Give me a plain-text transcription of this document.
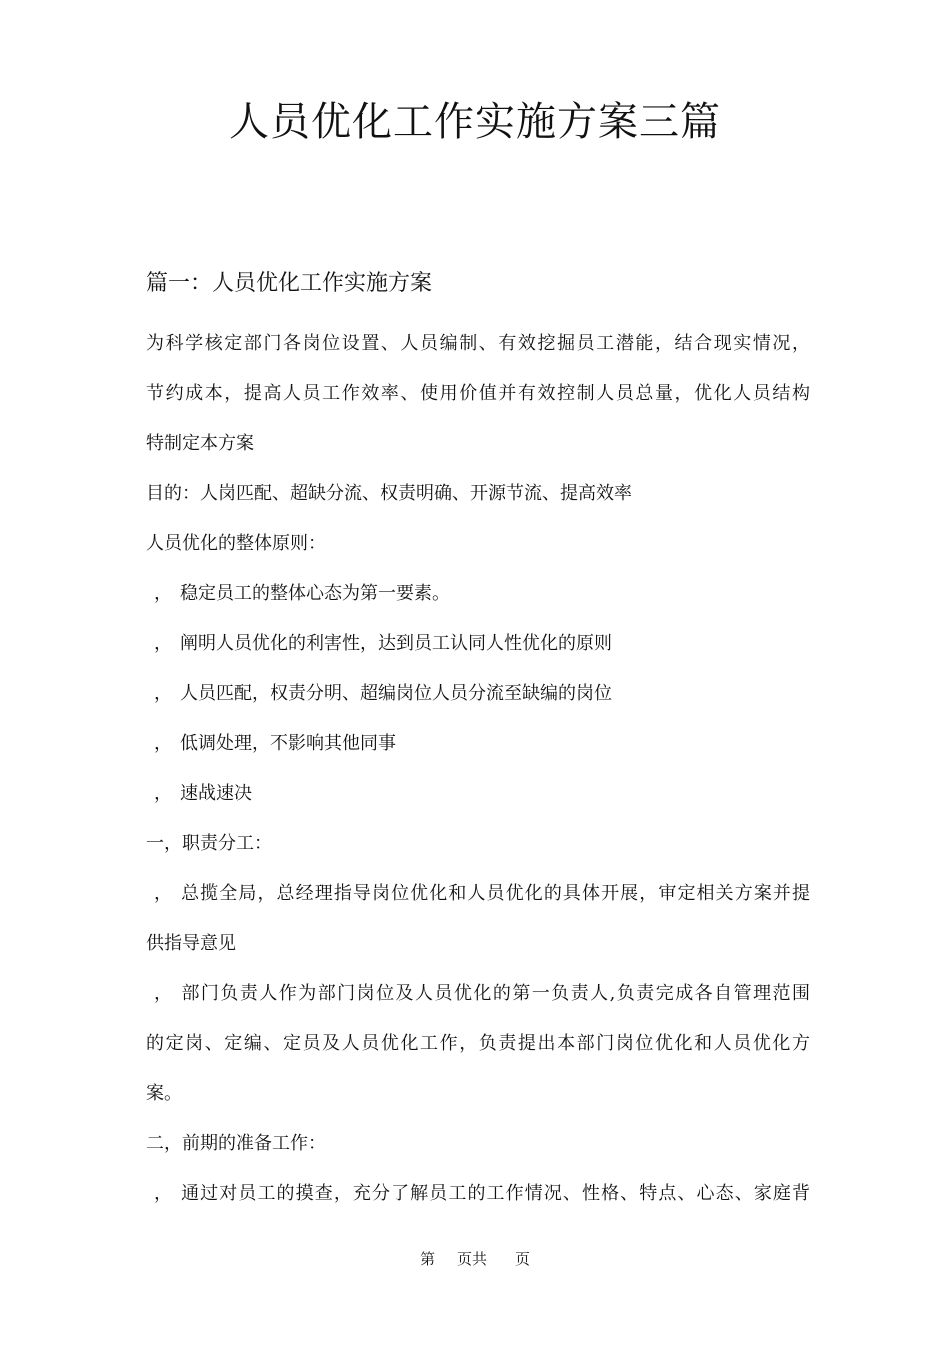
人员优化工作实施方案三篇
篇一：人员优化工作实施方案
为科学核定部门各岗位设置、人员编制、有效挖掘员工潜能，结合现实情况，
节约成本，提高人员工作效率、使用价值并有效控制人员总量，优化人员结构
特制定本方案
目的：人岗匹配、超缺分流、权责明确、开源节流、提高效率
人员优化的整体原则：
， 稳定员工的整体心态为第一要素。
， 阐明人员优化的利害性，达到员工认同人性优化的原则
， 人员匹配，权责分明、超编岗位人员分流至缺编的岗位
， 低调处理，不影响其他同事
， 速战速决
一，职责分工：
， 总揽全局，总经理指导岗位优化和人员优化的具体开展，审定相关方案并提
供指导意见
， 部门负责人作为部门岗位及人员优化的第一负责人,负责完成各自管理范围
的定岗、定编、定员及人员优化工作，负责提出本部门岗位优化和人员优化方
案。
二，前期的准备工作：
， 通过对员工的摸查，充分了解员工的工作情况、性格、特点、心态、家庭背
第 页共 页
